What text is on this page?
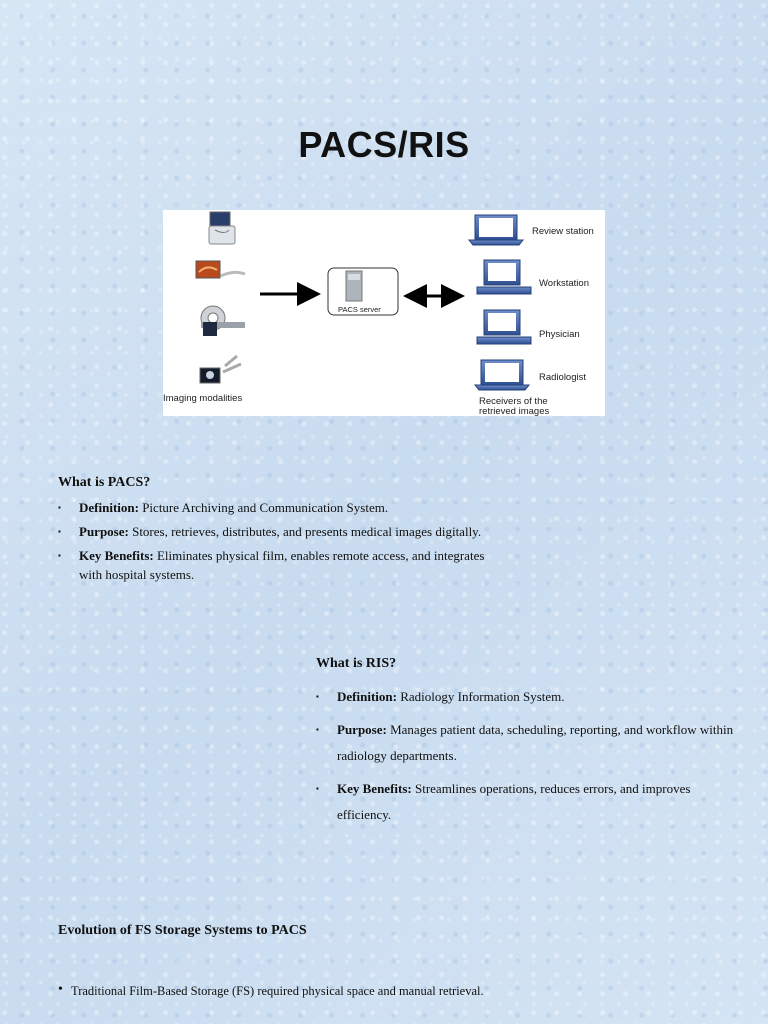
PACS/RIS
Imaging modalities
PACS server
Review station
Workstation
Physician
Radiologist
Receivers of the
retrieved images
What is PACS?
▪ Definition: Picture Archiving and Communication System.
▪ Purpose: Stores, retrieves, distributes, and presents medical images digitally.
▪ Key Benefits: Eliminates physical film, enables remote access, and integrates with hospital systems.
What is RIS?
▪ Definition: Radiology Information System.
▪ Purpose: Manages patient data, scheduling, reporting, and workflow within radiology departments.
▪ Key Benefits: Streamlines operations, reduces errors, and improves efficiency.
Evolution of FS Storage Systems to PACS
• Traditional Film-Based Storage (FS) required physical space and manual retrieval.
